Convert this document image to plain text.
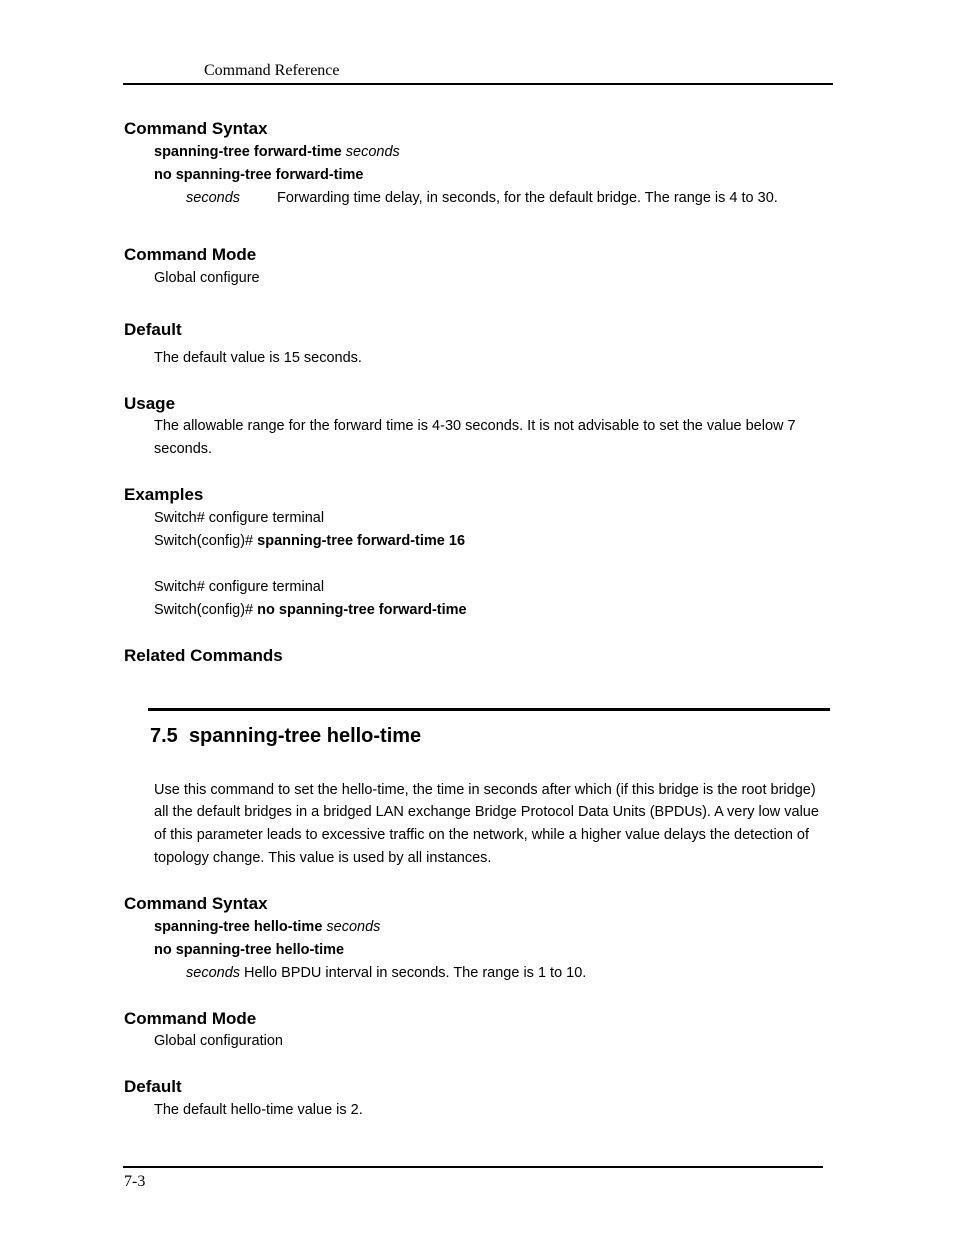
Command Reference
Command Syntax
spanning-tree forward-time seconds
no spanning-tree forward-time
seconds	Forwarding time delay, in seconds, for the default bridge. The range is 4 to 30.
Command Mode
Global configure
Default
The default value is 15 seconds.
Usage
The allowable range for the forward time is 4-30 seconds. It is not advisable to set the value below 7
seconds.
Examples
Switch# configure terminal
Switch(config)# spanning-tree forward-time 16
Switch# configure terminal
Switch(config)# no spanning-tree forward-time
Related Commands
7.5 spanning-tree hello-time
Use this command to set the hello-time, the time in seconds after which (if this bridge is the root bridge)
all the default bridges in a bridged LAN exchange Bridge Protocol Data Units (BPDUs). A very low value
of this parameter leads to excessive traffic on the network, while a higher value delays the detection of
topology change. This value is used by all instances.
Command Syntax
spanning-tree hello-time seconds
no spanning-tree hello-time
seconds Hello BPDU interval in seconds. The range is 1 to 10.
Command Mode
Global configuration
Default
The default hello-time value is 2.
7-3
